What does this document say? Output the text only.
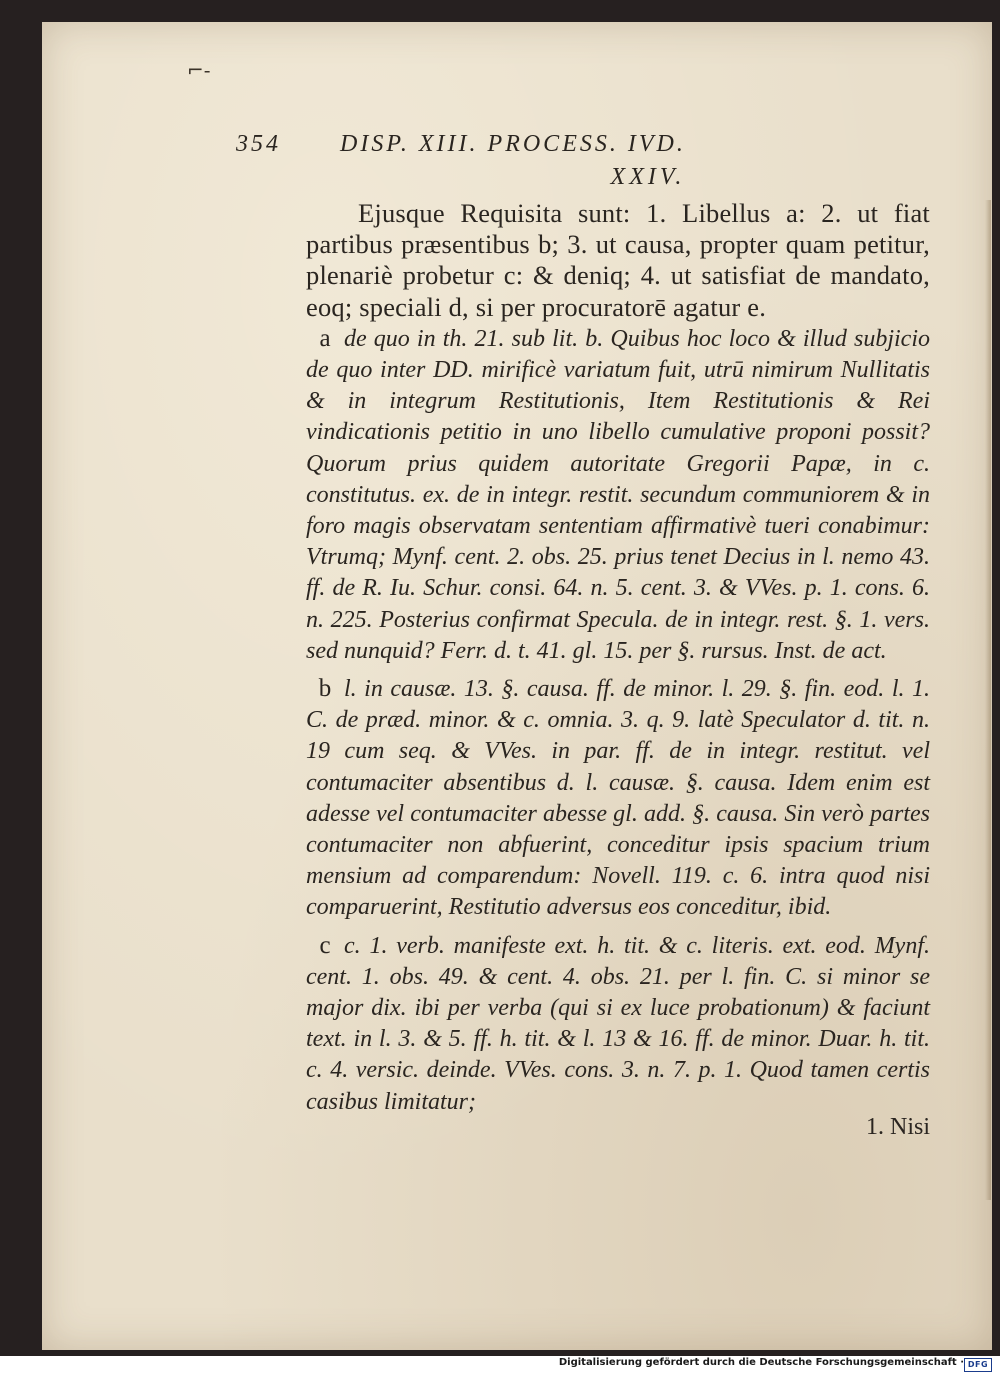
⌐-
354 DISP. XIII. PROCESS. IVD.
XXIV.

Ejusque Requisita sunt: 1. Libellus a: 2. ut fiat partibus præsentibus b; 3. ut causa, propter quam petitur, plenariè probetur c: & deniq; 4. ut satisfiat de mandato, eoq; speciali d, si per procuratorē agatur e.

a de quo in th. 21. sub lit. b. Quibus hoc loco & illud subjicio de quo inter DD. mirificè variatum fuit, utrū nimirum Nullitatis & in integrum Restitutionis, Item Restitutionis & Rei vindicationis petitio in uno libello cumulative proponi possit? Quorum prius quidem autoritate Gregorii Papæ, in c. constitutus. ex. de in integr. restit. secundum communiorem & in foro magis observatam sententiam affirmativè tueri conabimur: Vtrumq; Mynf. cent. 2. obs. 25. prius tenet Decius in l. nemo 43. ff. de R. Iu. Schur. consi. 64. n. 5. cent. 3. & VVes. p. 1. cons. 6. n. 225. Posterius confirmat Specula. de in integr. rest. §. 1. vers. sed nunquid? Ferr. d. t. 41. gl. 15. per §. rursus. Inst. de act.

b l. in causæ. 13. §. causa. ff. de minor. l. 29. §. fin. eod. l. 1. C. de præd. minor. & c. omnia. 3. q. 9. latè Speculator d. tit. n. 19 cum seq. & VVes. in par. ff. de in integr. restitut. vel contumaciter absentibus d. l. causæ. §. causa. Idem enim est adesse vel contumaciter abesse gl. add. §. causa. Sin verò partes contumaciter non abfuerint, conceditur ipsis spacium trium mensium ad comparendum: Novell. 119. c. 6. intra quod nisi comparuerint, Restitutio adversus eos conceditur, ibid.

c c. 1. verb. manifeste ext. h. tit. & c. literis. ext. eod. Mynf. cent. 1. obs. 49. & cent. 4. obs. 21. per l. fin. C. si minor se major dix. ibi per verba (qui si ex luce probationum) & faciunt text. in l. 3. & 5. ff. h. tit. & l. 13 & 16. ff. de minor. Duar. h. tit. c. 4. versic. deinde. VVes. cons. 3. n. 7. p. 1. Quod tamen certis casibus limitatur;

1. Nisi
Digitalisierung gefördert durch die Deutsche Forschungsgemeinschaft · DFG
